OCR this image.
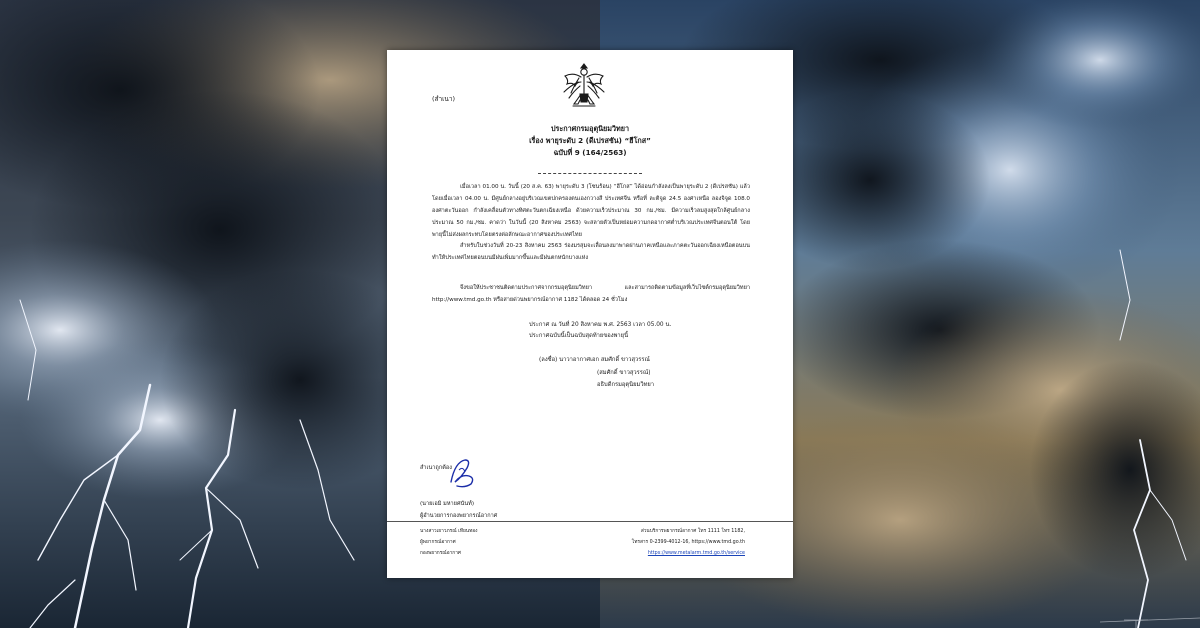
(สำเนา)
ประกาศกรมอุตุนิยมวิทยา
เรื่อง พายุระดับ 2 (ดีเปรสชัน) “ฮีโกส”
ฉบับที่ 9 (164/2563)
เมื่อเวลา 01.00 น. วันนี้ (20 ส.ค. 63) พายุระดับ 3 (โซนร้อน) “ฮีโกส” ได้อ่อนกำลังลงเป็นพายุระดับ 2 (ดีเปรสชัน) แล้ว โดยเมื่อเวลา 04.00 น. มีศูนย์กลางอยู่บริเวณเขตปกครองตนเองกวางสี ประเทศจีน หรือที่ ละติจูด 24.5 องศาเหนือ ลองจิจูด 108.0 องศาตะวันออก กำลังเคลื่อนตัวทางทิศตะวันตกเฉียงเหนือ ด้วยความเร็วประมาณ 30 กม./ชม. มีความเร็วลมสูงสุดใกล้ศูนย์กลางประมาณ 50 กม./ชม. คาดว่า ในวันนี้ (20 สิงหาคม 2563) จะสลายตัวเป็นหย่อมความกดอากาศต่ำบริเวณประเทศจีนตอนใต้ โดยพายุนี้ไม่ส่งผลกระทบโดยตรงต่อลักษณะอากาศของประเทศไทย
สำหรับในช่วงวันที่ 20-23 สิงหาคม 2563 ร่องมรสุมจะเลื่อนลงมาพาดผ่านภาคเหนือและภาคตะวันออกเฉียงเหนือตอนบน ทำให้ประเทศไทยตอนบนมีฝนเพิ่มมากขึ้นและมีฝนตกหนักบางแห่ง
จึงขอให้ประชาชนติดตามประกาศจากกรมอุตุนิยมวิทยา และสามารถติดตามข้อมูลที่เว็บไซต์กรมอุตุนิยมวิทยา http://www.tmd.go.th หรือสายด่วนพยากรณ์อากาศ 1182 ได้ตลอด 24 ชั่วโมง
ประกาศ ณ วันที่ 20 สิงหาคม พ.ศ. 2563 เวลา 05.00 น.
ประกาศฉบับนี้เป็นฉบับสุดท้ายของพายุนี้
(ลงชื่อ) นาวาอากาศเอก สมศักดิ์ ขาวสุวรรณ์
(สมศักดิ์ ขาวสุวรรณ์)
อธิบดีกรมอุตุนิยมวิทยา
สำเนาถูกต้อง
(นายเอมิ มหายศนันท์)
ผู้อำนวยการกองพยากรณ์อากาศ
นางสาวเยาวภรณ์ เทียนทอง
ผู้พยากรณ์อากาศ
กองพยากรณ์อากาศ
ส่วนบริการพยากรณ์อากาศ โทร 1111 โทร 1182,
โทรสาร 0-2399-4012-16, https://www.tmd.go.th
https://www.metalarm.tmd.go.th/service
